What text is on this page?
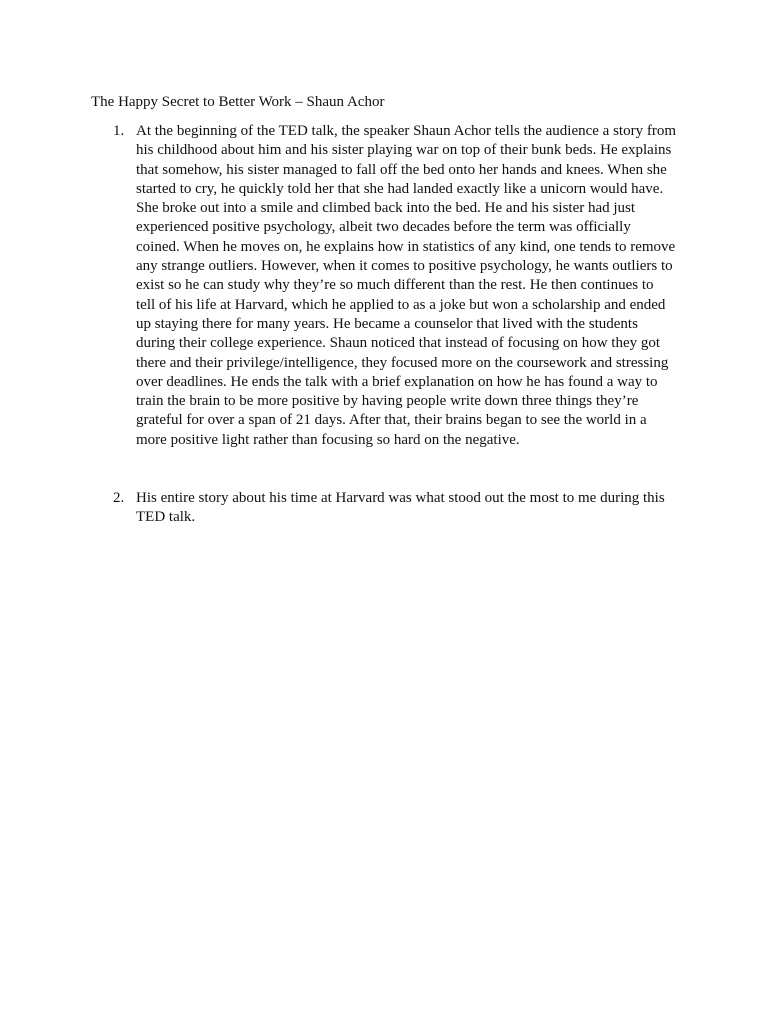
The Happy Secret to Better Work – Shaun Achor
1. At the beginning of the TED talk, the speaker Shaun Achor tells the audience a story from
his childhood about him and his sister playing war on top of their bunk beds. He explains
that somehow, his sister managed to fall off the bed onto her hands and knees. When she
started to cry, he quickly told her that she had landed exactly like a unicorn would have.
She broke out into a smile and climbed back into the bed. He and his sister had just
experienced positive psychology, albeit two decades before the term was officially
coined. When he moves on, he explains how in statistics of any kind, one tends to remove
any strange outliers. However, when it comes to positive psychology, he wants outliers to
exist so he can study why they’re so much different than the rest. He then continues to
tell of his life at Harvard, which he applied to as a joke but won a scholarship and ended
up staying there for many years. He became a counselor that lived with the students
during their college experience. Shaun noticed that instead of focusing on how they got
there and their privilege/intelligence, they focused more on the coursework and stressing
over deadlines. He ends the talk with a brief explanation on how he has found a way to
train the brain to be more positive by having people write down three things they’re
grateful for over a span of 21 days. After that, their brains began to see the world in a
more positive light rather than focusing so hard on the negative.
2. His entire story about his time at Harvard was what stood out the most to me during this
TED talk.
